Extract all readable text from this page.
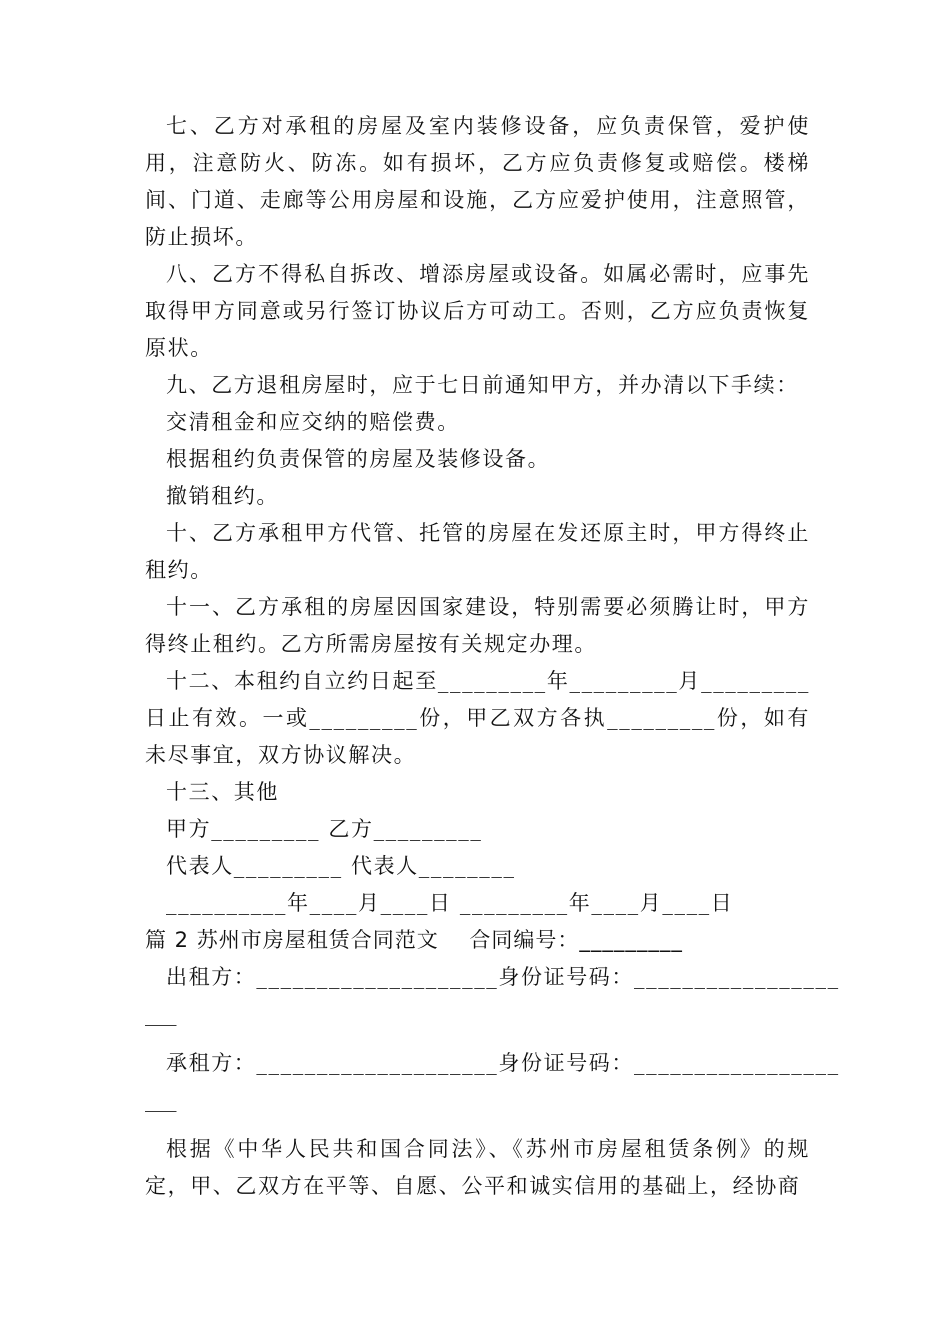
七、乙方对承租的房屋及室内装修设备，应负责保管，爱护使用，注意防火、防冻。如有损坏，乙方应负责修复或赔偿。楼梯间、门道、走廊等公用房屋和设施，乙方应爱护使用，注意照管，防止损坏。

八、乙方不得私自拆改、增添房屋或设备。如属必需时，应事先取得甲方同意或另行签订协议后方可动工。否则，乙方应负责恢复原状。

九、乙方退租房屋时，应于七日前通知甲方，并办清以下手续：

交清租金和应交纳的赔偿费。

根据租约负责保管的房屋及装修设备。

撤销租约。

十、乙方承租甲方代管、托管的房屋在发还原主时，甲方得终止租约。

十一、乙方承租的房屋因国家建设，特别需要必须腾让时，甲方得终止租约。乙方所需房屋按有关规定办理。

十二、本租约自立约日起至_________年_________月_________日止有效。一或_________份，甲乙双方各执_________份，如有未尽事宜，双方协议解决。

十三、其他

甲方_________ 乙方_________

代表人_________ 代表人________

__________年____月____日 _________年____月____日

篇 2 苏州市房屋租赁合同范文    合同编号：_________

出租方：____________________身份证号码：_________________

___

承租方：____________________身份证号码：_________________

___

根据《中华人民共和国合同法》、《苏州市房屋租赁条例》的规定，甲、乙双方在平等、自愿、公平和诚实信用的基础上，经协商
